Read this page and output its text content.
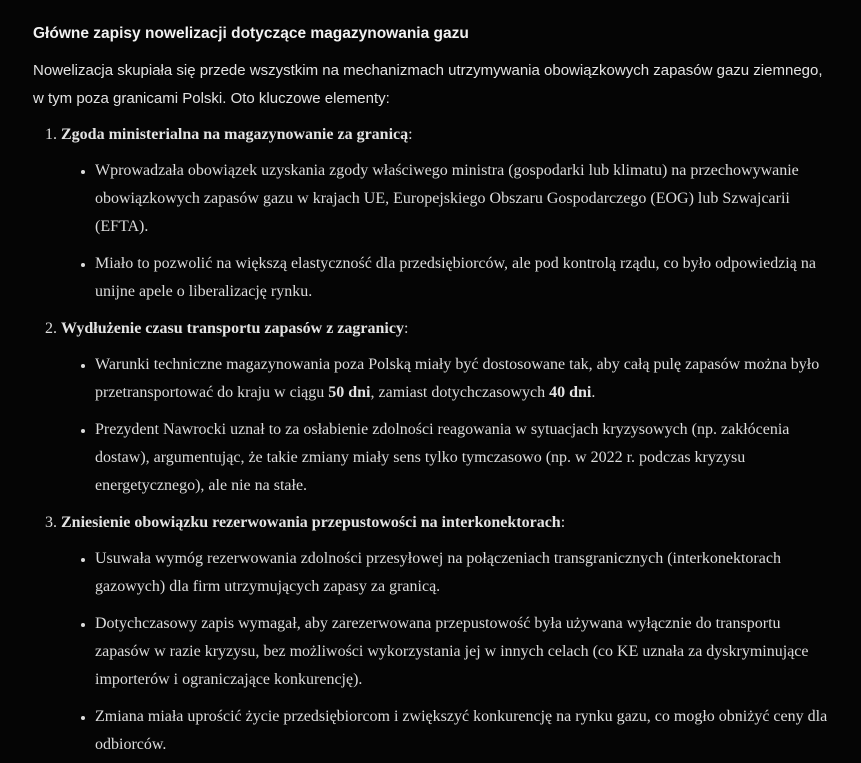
Główne zapisy nowelizacji dotyczące magazynowania gazu

Nowelizacja skupiała się przede wszystkim na mechanizmach utrzymywania obowiązkowych zapasów gazu ziemnego, w tym poza granicami Polski. Oto kluczowe elementy:

1. Zgoda ministerialna na magazynowanie za granicą:
• Wprowadzała obowiązek uzyskania zgody właściwego ministra (gospodarki lub klimatu) na przechowywanie obowiązkowych zapasów gazu w krajach UE, Europejskiego Obszaru Gospodarczego (EOG) lub Szwajcarii (EFTA).
• Miało to pozwolić na większą elastyczność dla przedsiębiorców, ale pod kontrolą rządu, co było odpowiedzią na unijne apele o liberalizację rynku.
2. Wydłużenie czasu transportu zapasów z zagranicy:
• Warunki techniczne magazynowania poza Polską miały być dostosowane tak, aby całą pulę zapasów można było przetransportować do kraju w ciągu 50 dni, zamiast dotychczasowych 40 dni.
• Prezydent Nawrocki uznał to za osłabienie zdolności reagowania w sytuacjach kryzysowych (np. zakłócenia dostaw), argumentując, że takie zmiany miały sens tylko tymczasowo (np. w 2022 r. podczas kryzysu energetycznego), ale nie na stałe.
3. Zniesienie obowiązku rezerwowania przepustowości na interkonektorach:
• Usuwała wymóg rezerwowania zdolności przesyłowej na połączeniach transgranicznych (interkonektorach gazowych) dla firm utrzymujących zapasy za granicą.
• Dotychczasowy zapis wymagał, aby zarezerwowana przepustowość była używana wyłącznie do transportu zapasów w razie kryzysu, bez możliwości wykorzystania jej w innych celach (co KE uznała za dyskryminujące importerów i ograniczające konkurencję).
• Zmiana miała uprościć życie przedsiębiorcom i zwiększyć konkurencję na rynku gazu, co mogło obniżyć ceny dla odbiorców.
